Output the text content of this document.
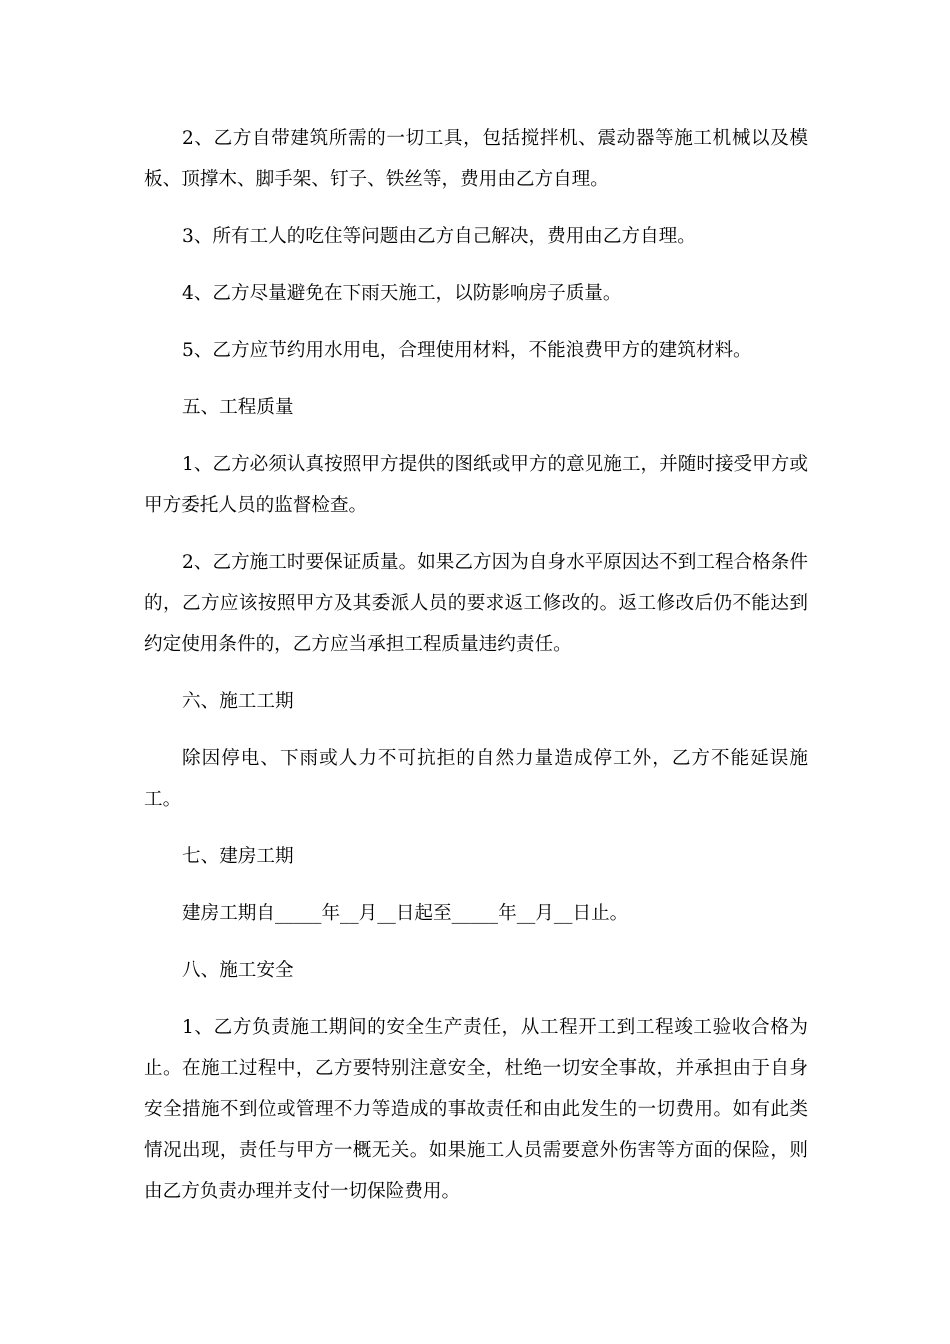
2、乙方自带建筑所需的一切工具，包括搅拌机、震动器等施工机械以及模板、顶撑木、脚手架、钉子、铁丝等，费用由乙方自理。

3、所有工人的吃住等问题由乙方自己解决，费用由乙方自理。

4、乙方尽量避免在下雨天施工，以防影响房子质量。

5、乙方应节约用水用电，合理使用材料，不能浪费甲方的建筑材料。

五、工程质量

1、乙方必须认真按照甲方提供的图纸或甲方的意见施工，并随时接受甲方或甲方委托人员的监督检查。

2、乙方施工时要保证质量。如果乙方因为自身水平原因达不到工程合格条件的，乙方应该按照甲方及其委派人员的要求返工修改的。返工修改后仍不能达到约定使用条件的，乙方应当承担工程质量违约责任。

六、施工工期

除因停电、下雨或人力不可抗拒的自然力量造成停工外，乙方不能延误施工。

七、建房工期

建房工期自_____年__月__日起至_____年__月__日止。

八、施工安全

1、乙方负责施工期间的安全生产责任，从工程开工到工程竣工验收合格为止。在施工过程中，乙方要特别注意安全，杜绝一切安全事故，并承担由于自身安全措施不到位或管理不力等造成的事故责任和由此发生的一切费用。如有此类情况出现，责任与甲方一概无关。如果施工人员需要意外伤害等方面的保险，则由乙方负责办理并支付一切保险费用。
